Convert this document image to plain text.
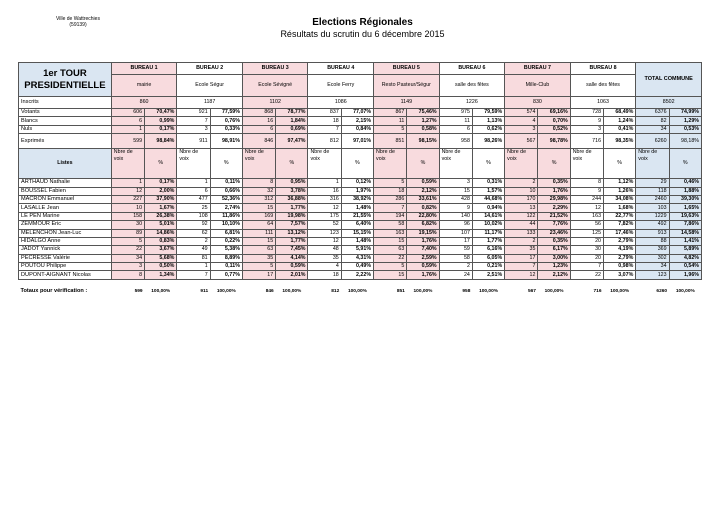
Ville de Wattrechies
(59139)	Elections Régionales
Résultats du scrutin du 6 décembre 2015
1er TOUR PRESIDENTIELLE	BUREAU 1		BUREAU 2		BUREAU 3		BUREAU 4		BUREAU 5		BUREAU 6		BUREAU 7		BUREAU 8		TOTAL COMMUNE	
	mairie		Ecole Ségur		Ecole Sévigné		Ecole Ferry		Resto Pasteur/Ségur		salle des fêtes		Mille-Club		salle des fêtes			
Inscrits	860		1187		1102		1086		1149		1226		830		1063		8502	
Votants	606	70,47%	921	77,59%	868	78,77%	837	77,07%	867	75,46%	975	79,59%	574	69,16%	728	68,49%	6376	74,99%
Blancs	6	0,99%	7	0,76%	16	1,84%	18	2,15%	11	1,27%	11	1,13%	4	0,70%	9	1,24%	82	1,29%
Nuls	1	0,17%	3	0,33%	6	0,69%	7	0,84%	5	0,58%	6	0,62%	3	0,52%	3	0,41%	34	0,53%
Exprimés	599	98,84%	911	98,91%	846	97,47%	812	97,01%	851	98,15%	958	98,26%	567	98,78%	716	98,35%	6260	98,18%
Listes	Nbre de voix	%	Nbre de voix	%	Nbre de voix	%	Nbre de voix	%	Nbre de voix	%	Nbre de voix	%	Nbre de voix	%	Nbre de voix	%	Nbre de voix	%
ARTHAUD Nathalie	1	0,17%	1	0,11%	8	0,95%	1	0,12%	5	0,59%	3	0,31%	2	0,35%	8	1,12%	29	0,46%
BOUSSEL Fabien	12	2,00%	6	0,66%	32	3,78%	16	1,97%	18	2,12%	15	1,57%	10	1,76%	9	1,26%	118	1,88%
MACRON Emmanuel	227	37,90%	477	52,36%	312	36,88%	316	38,92%	286	33,61%	428	44,68%	170	29,98%	244	34,08%	2460	39,30%
LASALLE Jean	10	1,67%	25	2,74%	15	1,77%	12	1,48%	7	0,82%	9	0,94%	13	2,29%	12	1,68%	103	1,65%
LE PEN Marine	158	26,38%	108	11,86%	169	19,98%	175	21,55%	194	22,80%	140	14,61%	122	21,52%	163	22,77%	1229	19,63%
ZEMMOUR Eric	30	5,01%	92	10,10%	64	7,57%	52	6,40%	58	6,82%	96	10,02%	44	7,76%	56	7,82%	492	7,86%
MELENCHON Jean-Luc	89	14,86%	62	6,81%	111	13,12%	123	15,15%	163	19,15%	107	11,17%	133	23,46%	125	17,46%	913	14,58%
HIDALGO Anne	5	0,83%	2	0,22%	15	1,77%	12	1,48%	15	1,76%	17	1,77%	2	0,35%	20	2,79%	88	1,41%
JADOT Yannick	22	3,67%	49	5,38%	63	7,45%	48	5,91%	63	7,40%	59	6,16%	35	6,17%	30	4,19%	369	5,89%
PECRESSE Valérie	34	5,68%	81	8,89%	35	4,14%	35	4,31%	22	2,59%	58	6,05%	17	3,00%	20	2,79%	302	4,82%
POUTOU Philippe	3	0,50%	1	0,11%	5	0,59%	4	0,49%	5	0,59%	2	0,21%	7	1,23%	7	0,98%	34	0,54%
DUPONT-AIGNANT Nicolas	8	1,34%	7	0,77%	17	2,01%	18	2,22%	15	1,76%	24	2,51%	12	2,12%	22	3,07%	123	1,96%

Totaux pour vérification :	599	100,00%	911	100,00%	846	100,00%	812	100,00%	851	100,00%	958	100,00%	567	100,00%	716	100,00%	6260	100,00%
